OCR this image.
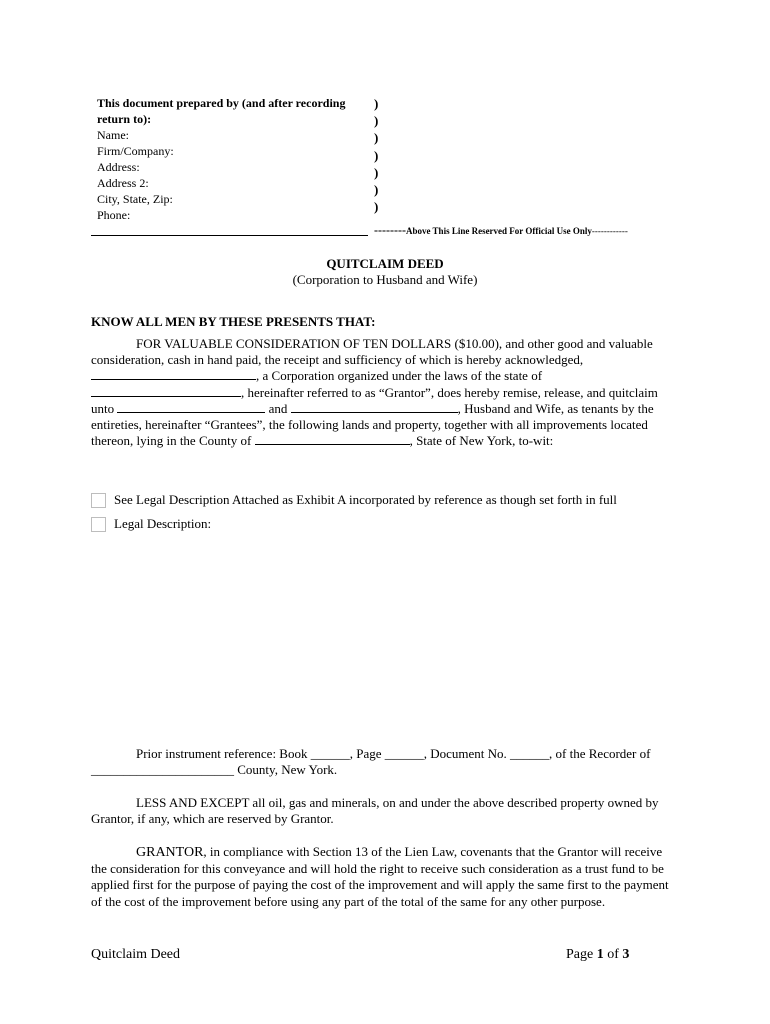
This document prepared by (and after recording return to):
Name:
Firm/Company:
Address:
Address 2:
City, State, Zip:
Phone:
)
)
)
)
)
)
)
--------Above This Line Reserved For Official Use Only------------
QUITCLAIM DEED
(Corporation to Husband and Wife)
KNOW ALL MEN BY THESE PRESENTS THAT:
FOR VALUABLE CONSIDERATION OF TEN DOLLARS ($10.00), and other good and valuable consideration, cash in hand paid, the receipt and sufficiency of which is hereby acknowledged, , a Corporation organized under the laws of the state of , hereinafter referred to as “Grantor”, does hereby remise, release, and quitclaim unto	and	, Husband and Wife, as tenants by the entireties, hereinafter “Grantees”, the following lands and property, together with all improvements located thereon, lying in the County of	, State of New York, to-wit:
See Legal Description Attached as Exhibit A incorporated by reference as though set forth in full
Legal Description:
Prior instrument reference: Book ______, Page ______, Document No. ______, of the Recorder of
______________________ County, New York.
LESS AND EXCEPT all oil, gas and minerals, on and under the above described property owned by Grantor, if any, which are reserved by Grantor.
GRANTOR, in compliance with Section 13 of the Lien Law, covenants that the Grantor will receive the consideration for this conveyance and will hold the right to receive such consideration as a trust fund to be applied first for the purpose of paying the cost of the improvement and will apply the same first to the payment of the cost of the improvement before using any part of the total of the same for any other purpose.
Quitclaim Deed	Page 1 of 3
